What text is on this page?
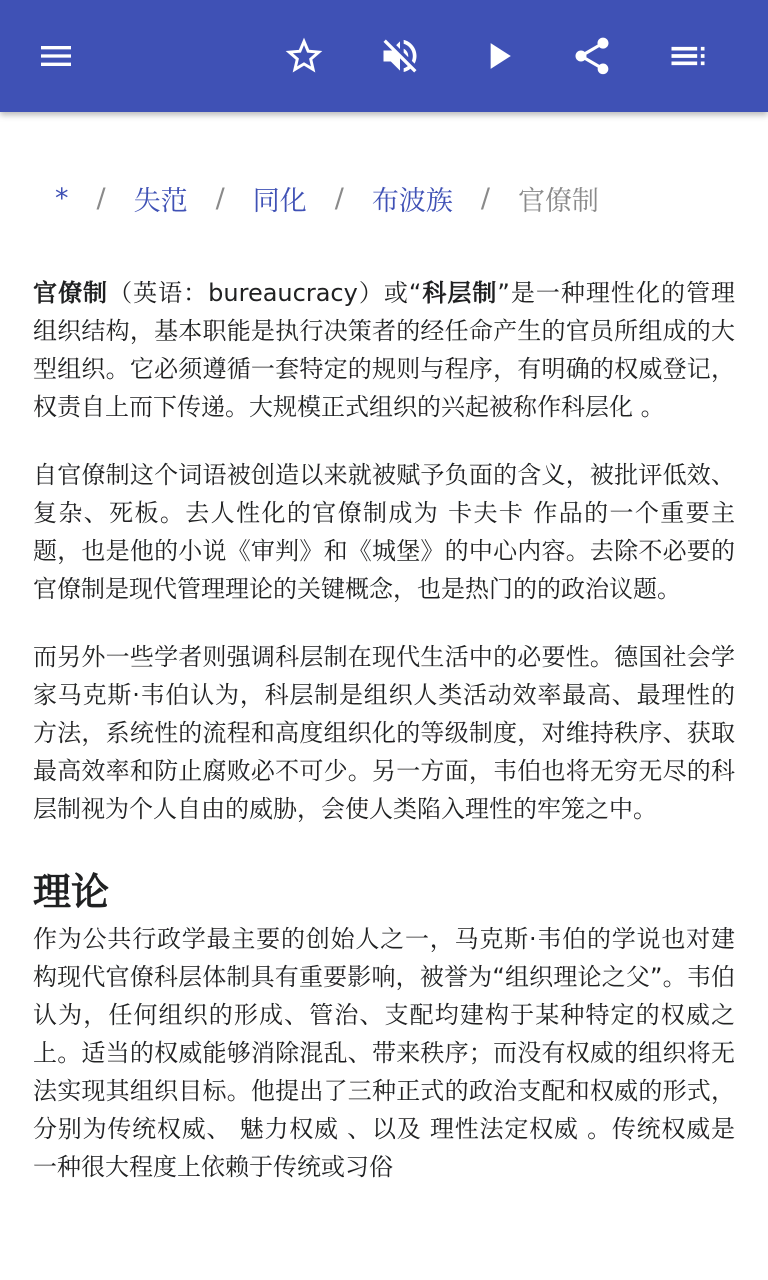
* / 失范 / 同化 / 布波族 / 官僚制

官僚制（英语：bureaucracy）或“科层制”是一种理性化的管理组织结构，基本职能是执行决策者的经任命产生的官员所组成的大型组织。它必须遵循一套特定的规则与程序，有明确的权威登记，权责自上而下传递。大规模正式组织的兴起被称作科层化 。

自官僚制这个词语被创造以来就被赋予负面的含义，被批评低效、复杂、死板。去人性化的官僚制成为 卡夫卡 作品的一个重要主题，也是他的小说《审判》和《城堡》的中心内容。去除不必要的官僚制是现代管理理论的关键概念，也是热门的的政治议题。

而另外一些学者则强调科层制在现代生活中的必要性。德国社会学家马克斯·韦伯认为，科层制是组织人类活动效率最高、最理性的方法，系统性的流程和高度组织化的等级制度，对维持秩序、获取最高效率和防止腐败必不可少。另一方面，韦伯也将无穷无尽的科层制视为个人自由的威胁，会使人类陷入理性的牢笼之中。

理论

作为公共行政学最主要的创始人之一，马克斯·韦伯的学说也对建构现代官僚科层体制具有重要影响，被誉为“组织理论之父”。韦伯认为，任何组织的形成、管治、支配均建构于某种特定的权威之上。适当的权威能够消除混乱、带来秩序；而没有权威的组织将无法实现其组织目标。他提出了三种正式的政治支配和权威的形式，分别为传统权威、 魅力权威 、以及 理性法定权威 。传统权威是一种很大程度上依赖于传统或习俗
